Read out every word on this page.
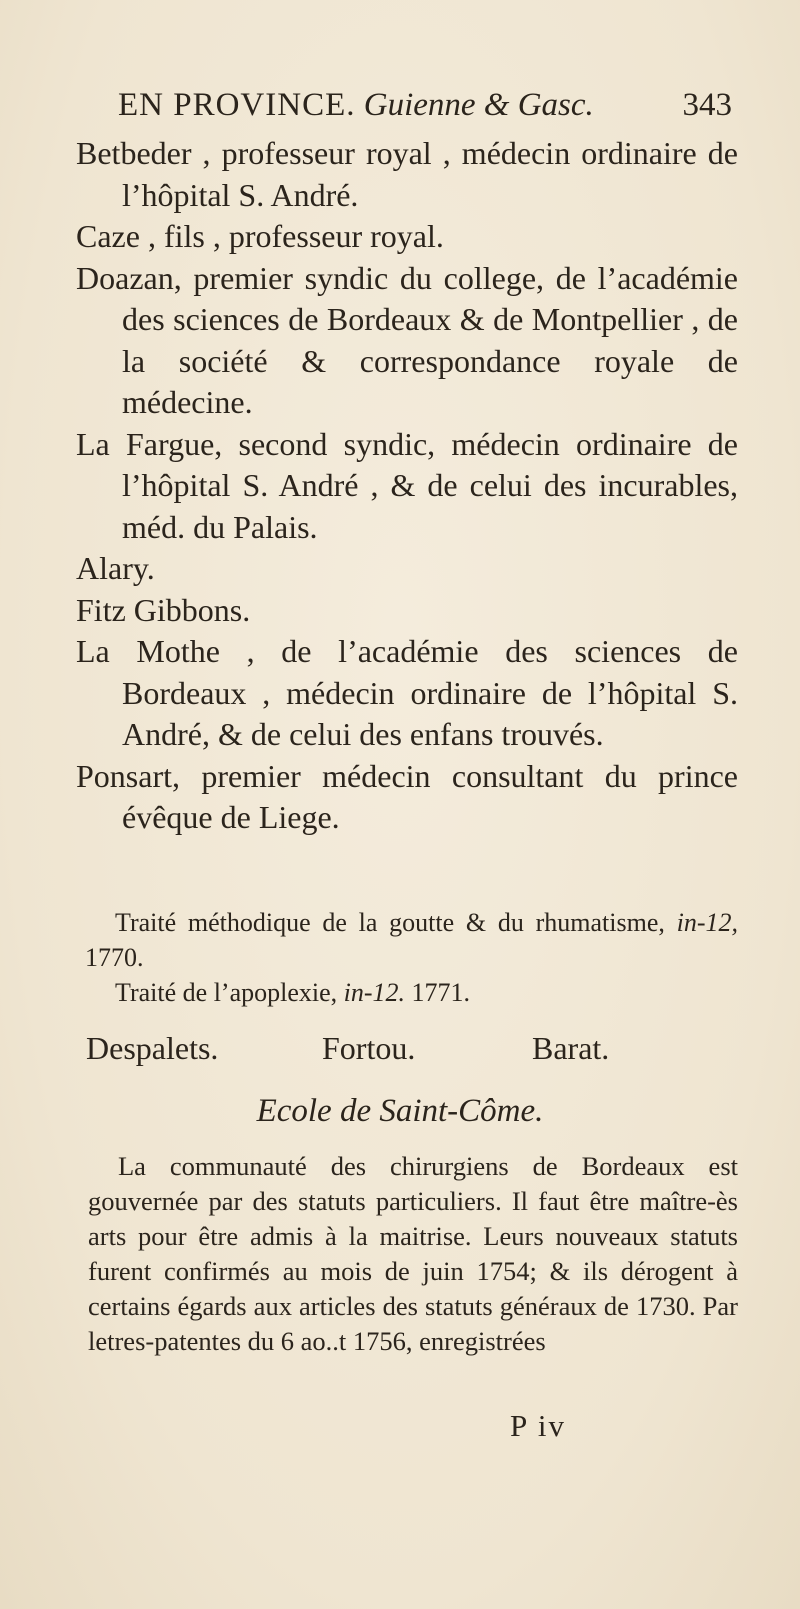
EN PROVINCE. Guienne & Gasc.	343
Betbeder , professeur royal , médecin ordinaire de l’hôpital S. André.
Caze , fils , professeur royal.
Doazan, premier syndic du college, de l’académie des sciences de Bordeaux & de Montpellier , de la société & correspondance royale de médecine.
La Fargue, second syndic, médecin ordinaire de l’hôpital S. André , & de celui des incurables, méd. du Palais.
Alary.
Fitz Gibbons.
La Mothe , de l’académie des sciences de Bordeaux , médecin ordinaire de l’hôpital S. André, & de celui des enfans trouvés.
Ponsart, premier médecin consultant du prince évêque de Liege.
Traité méthodique de la goutte & du rhumatisme, in-12, 1770.
Traité de l’apoplexie, in-12. 1771.
Despalets.	Fortou.	Barat.
Ecole de Saint-Côme.
La communauté des chirurgiens de Bordeaux est gouvernée par des statuts particuliers. Il faut être maître-ès arts pour être admis à la maitrise. Leurs nouveaux statuts furent confirmés au mois de juin 1754; & ils dérogent à certains égards aux articles des statuts généraux de 1730. Par letres-patentes du 6 ao..t 1756, enregistrées
P iv
